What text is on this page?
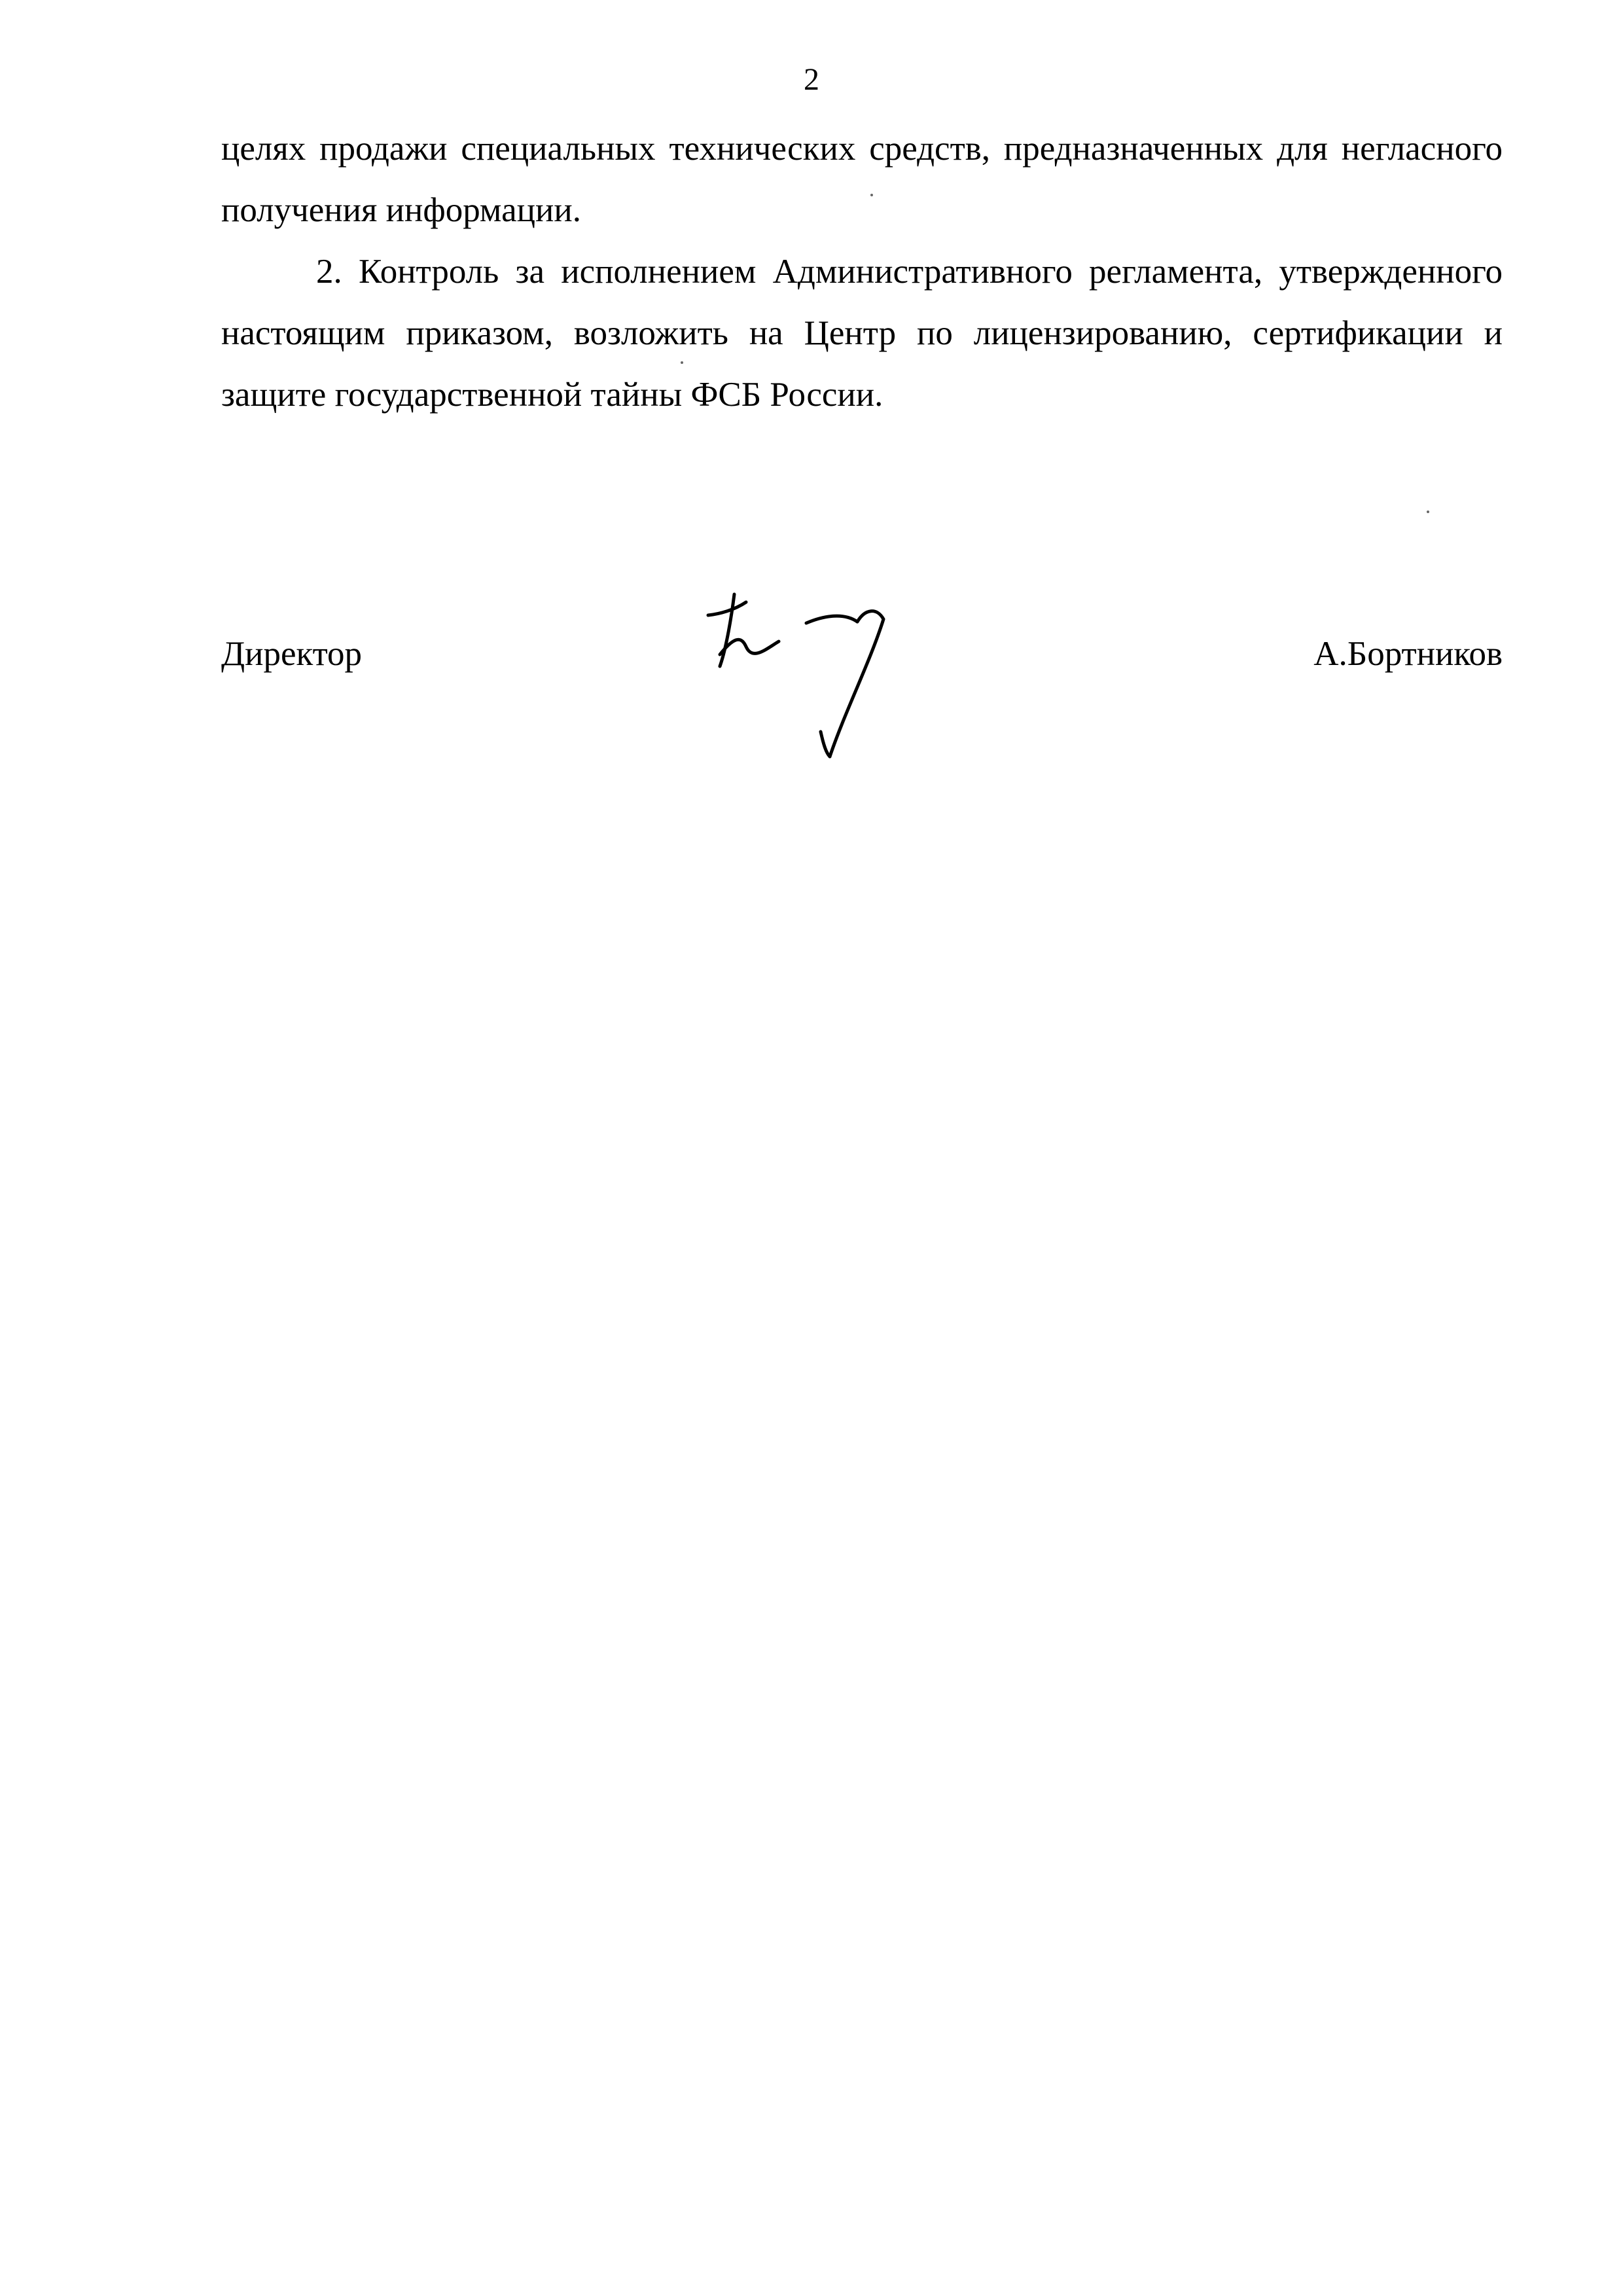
2

целях продажи специальных технических средств, предназначенных для негласного получения информации.

2. Контроль за исполнением Административного регламента, утвержденного настоящим приказом, возложить на Центр по лицензированию, сертификации и защите государственной тайны ФСБ России.

Директор	А.Бортников
